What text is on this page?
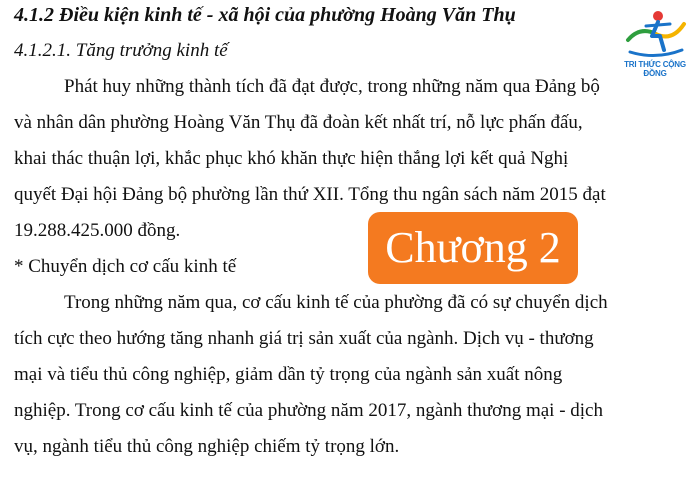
4.1.2 Điều kiện kinh tế - xã hội của phường Hoàng Văn Thụ
4.1.2.1. Tăng trưởng kinh tế
Phát huy những thành tích đã đạt được, trong những năm qua Đảng bộ
và nhân dân phường Hoàng Văn Thụ đã đoàn kết nhất trí, nỗ lực phấn đấu,
khai thác thuận lợi, khắc phục khó khăn thực hiện thắng lợi kết quả Nghị
quyết Đại hội Đảng bộ phường lần thứ XII. Tổng thu ngân sách năm 2015 đạt
19.288.425.000 đồng.
* Chuyển dịch cơ cấu kinh tế
Trong những năm qua, cơ cấu kinh tế của phường đã có sự chuyển dịch
tích cực theo hướng tăng nhanh giá trị sản xuất của ngành. Dịch vụ - thương
mại và tiểu thủ công nghiệp, giảm dần tỷ trọng của ngành sản xuất nông
nghiệp. Trong cơ cấu kinh tế của phường năm 2017, ngành thương mại - dịch
vụ, ngành tiểu thủ công nghiệp chiếm tỷ trọng lớn.
Chương 2
TRI THỨC CỘNG ĐỒNG
